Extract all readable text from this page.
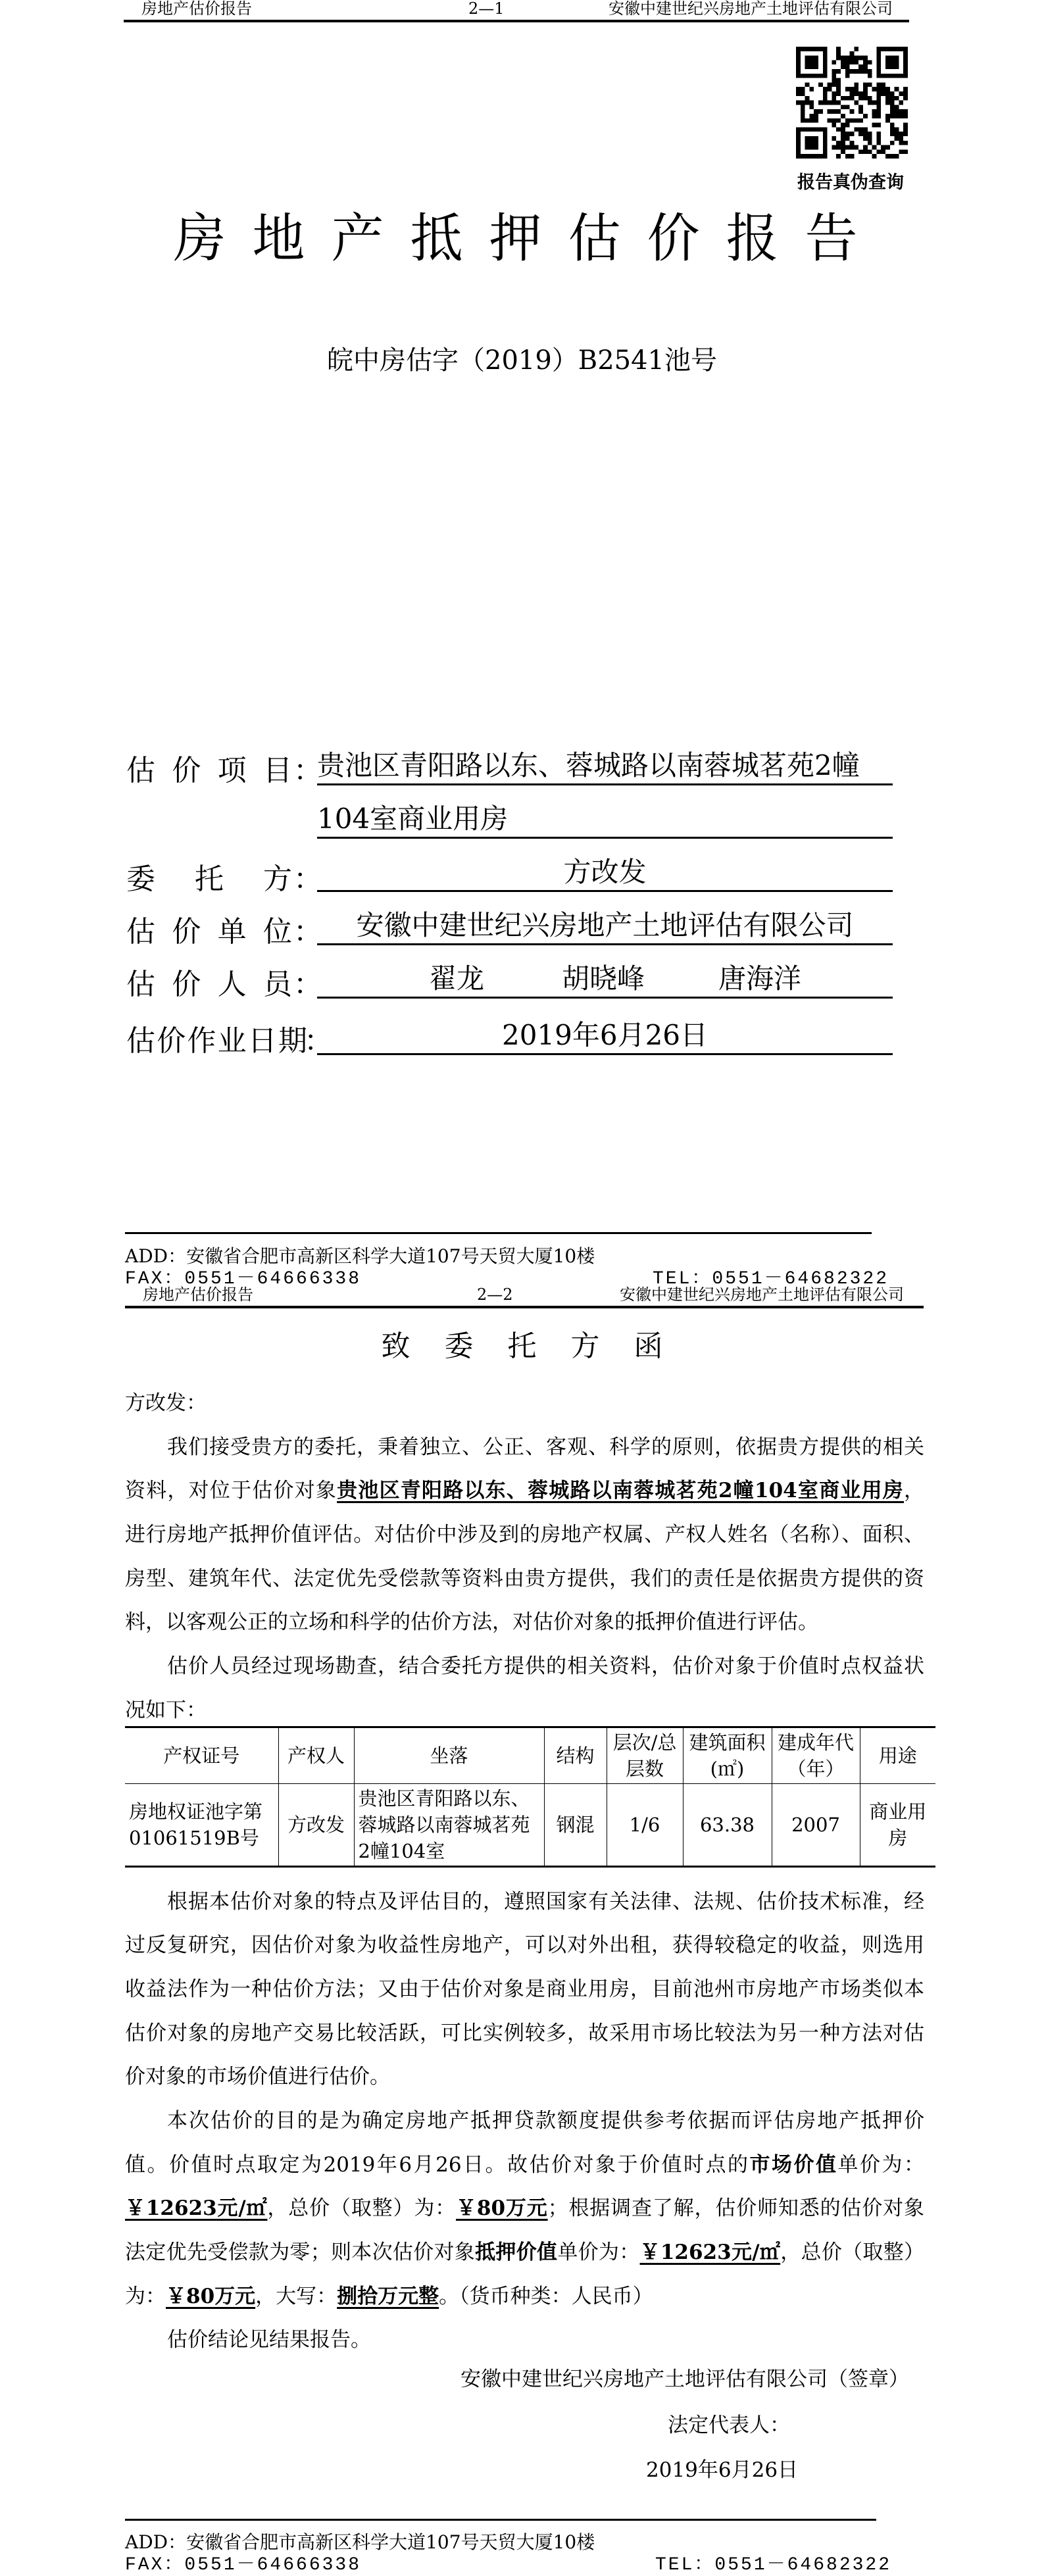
房地产估价报告	2—1	安徽中建世纪兴房地产土地评估有限公司
报告真伪查询
房地产抵押估价报告
皖中房估字（2019）B2541池号
估价项目 ：
贵池区青阳路以东、蓉城路以南蓉城茗苑2幢
104室商业用房
委托方 ：	方改发
估价单位 ：	安徽中建世纪兴房地产土地评估有限公司
估价人员 ：	翟龙	胡晓峰	唐海洋

估价作业日期
：	2019年6月26日
ADD：安徽省合肥市高新区科学大道107号天贸大厦10楼
FAX：0551－64666338	TEL：0551－64682322
房地产估价报告	2—2	安徽中建世纪兴房地产土地评估有限公司
致委托方函
方改发：
我们接受贵方的委托，秉着独立、公正、客观、科学的原则，依据贵方提供的相关
资料，对位于估价对象贵池区青阳路以东、蓉城路以南蓉城茗苑2幢104室商业用房，
进行房地产抵押价值评估。对估价中涉及到的房地产权属、产权人姓名（名称）、面积、
房型、建筑年代、法定优先受偿款等资料由贵方提供，我们的责任是依据贵方提供的资
料，以客观公正的立场和科学的估价方法，对估价对象的抵押价值进行评估。
估价人员经过现场勘查，结合委托方提供的相关资料，估价对象于价值时点权益状
况如下：
产权证号	产权人	坐落	结构	层次/总层数	建筑面积(㎡)	建成年代（年）	用途
房地权证池字第01061519B号	方改发	贵池区青阳路以东、蓉城路以南蓉城茗苑2幢104室	钢混	1/6	63.38	2007	商业用房
根据本估价对象的特点及评估目的，遵照国家有关法律、法规、估价技术标准，经
过反复研究，因估价对象为收益性房地产，可以对外出租，获得较稳定的收益，则选用
收益法作为一种估价方法；又由于估价对象是商业用房，目前池州市房地产市场类似本
估价对象的房地产交易比较活跃，可比实例较多，故采用市场比较法为另一种方法对估
价对象的市场价值进行估价。
本次估价的目的是为确定房地产抵押贷款额度提供参考依据而评估房地产抵押价
值。价值时点取定为2019年6月26日。故估价对象于价值时点的市场价值单价为：
￥12623元/㎡，总价（取整）为：￥80万元；根据调查了解，估价师知悉的估价对象
法定优先受偿款为零；则本次估价对象抵押价值单价为：￥12623元/㎡，总价（取整）
为：￥80万元，大写：捌拾万元整。（货币种类：人民币）
估价结论见结果报告。
安徽中建世纪兴房地产土地评估有限公司（签章）
法定代表人：
2019年6月26日
ADD：安徽省合肥市高新区科学大道107号天贸大厦10楼
FAX：0551－64666338	TEL：0551－64682322
